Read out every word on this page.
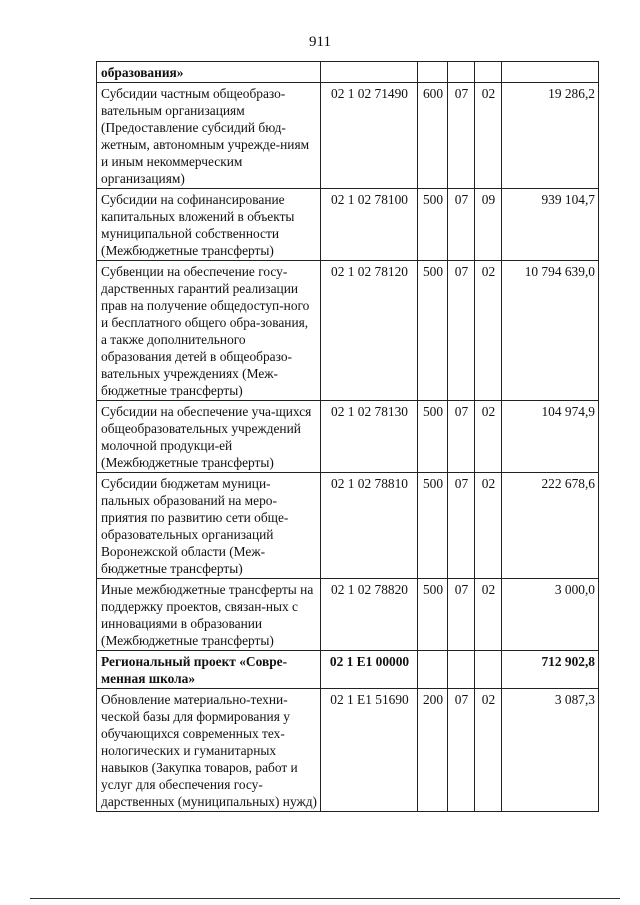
911
образования»					
Субсидии частным общеобразо-вательным организациям (Предоставление субсидий бюд-жетным, автономным учрежде-ниям и иным некоммерческим организациям)	02 1 02 71490	600	07	02	19 286,2
Субсидии на софинансирование капитальных вложений в объекты муниципальной собственности (Межбюджетные трансферты)	02 1 02 78100	500	07	09	939 104,7
Субвенции на обеспечение госу-дарственных гарантий реализации прав на получение общедоступ-ного и бесплатного общего обра-зования, а также дополнительного образования детей в общеобразо-вательных учреждениях (Меж-бюджетные трансферты)	02 1 02 78120	500	07	02	10 794 639,0
Субсидии на обеспечение уча-щихся общеобразовательных учреждений молочной продукци-ей (Межбюджетные трансферты)	02 1 02 78130	500	07	02	104 974,9
Субсидии бюджетам муници-пальных образований на меро-приятия по развитию сети обще-образовательных организаций Воронежской области (Меж-бюджетные трансферты)	02 1 02 78810	500	07	02	222 678,6
Иные межбюджетные трансферты на поддержку проектов, связан-ных с инновациями в образовании (Межбюджетные трансферты)	02 1 02 78820	500	07	02	3 000,0
Региональный проект «Совре-менная школа»	02 1 E1 00000				712 902,8
Обновление материально-техни-ческой базы для формирования у обучающихся современных тех-нологических и гуманитарных навыков (Закупка товаров, работ и услуг для обеспечения госу-дарственных (муниципальных) нужд)	02 1 E1 51690	200	07	02	3 087,3
